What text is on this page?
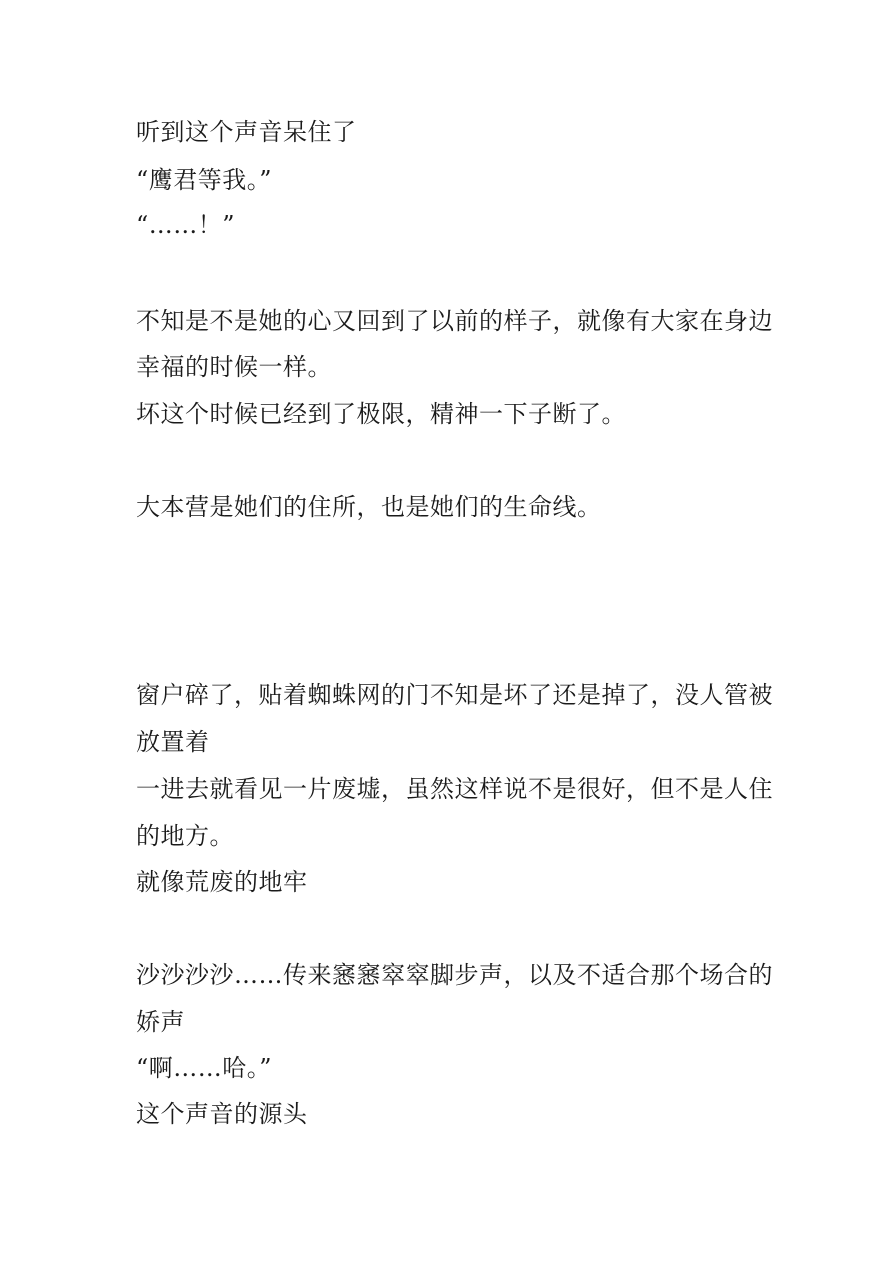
听到这个声音呆住了
“鹰君等我。”
“……！”
不知是不是她的心又回到了以前的样子，就像有大家在身边
幸福的时候一样。
坏这个时候已经到了极限，精神一下子断了。
大本营是她们的住所，也是她们的生命线。
窗户碎了，贴着蜘蛛网的门不知是坏了还是掉了，没人管被
放置着
一进去就看见一片废墟，虽然这样说不是很好，但不是人住
的地方。
就像荒废的地牢
沙沙沙沙……传来窸窸窣窣脚步声，以及不适合那个场合的
娇声
“啊……哈。”
这个声音的源头
